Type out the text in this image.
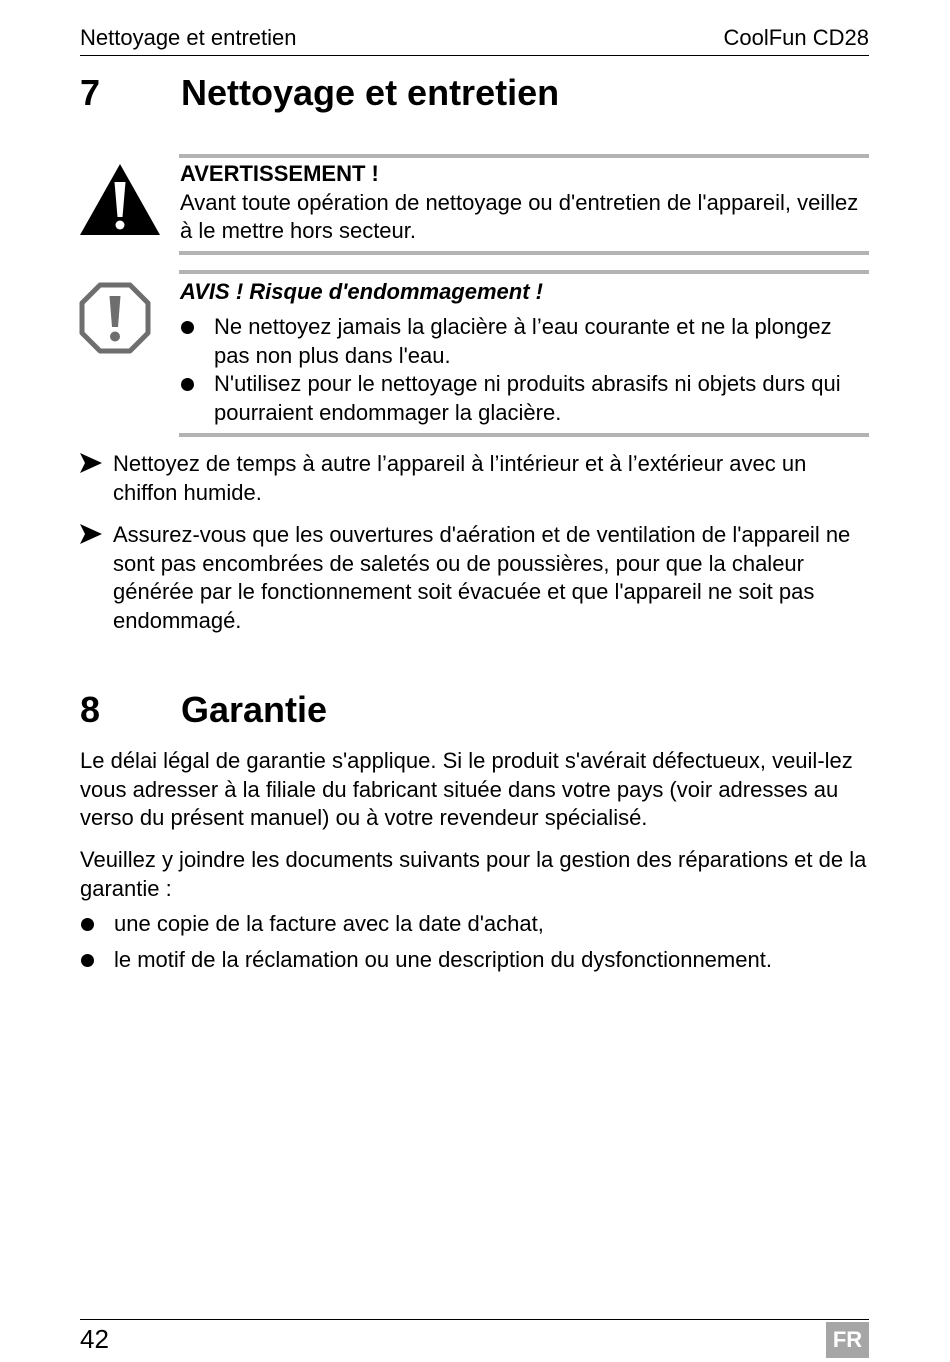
Nettoyage et entretien	CoolFun CD28
7 Nettoyage et entretien
AVERTISSEMENT !
Avant toute opération de nettoyage ou d'entretien de l'appareil, veillez à le mettre hors secteur.
AVIS ! Risque d'endommagement !
Ne nettoyez jamais la glacière à l’eau courante et ne la plongez pas non plus dans l'eau.
N'utilisez pour le nettoyage ni produits abrasifs ni objets durs qui pourraient endommager la glacière.
Nettoyez de temps à autre l’appareil à l’intérieur et à l’extérieur avec un chiffon humide.
Assurez-vous que les ouvertures d'aération et de ventilation de l'appareil ne sont pas encombrées de saletés ou de poussières, pour que la chaleur générée par le fonctionnement soit évacuée et que l'appareil ne soit pas endommagé.
8 Garantie
Le délai légal de garantie s'applique. Si le produit s'avérait défectueux, veuil-lez vous adresser à la filiale du fabricant située dans votre pays (voir adresses au verso du présent manuel) ou à votre revendeur spécialisé.
Veuillez y joindre les documents suivants pour la gestion des réparations et de la garantie :
une copie de la facture avec la date d'achat,
le motif de la réclamation ou une description du dysfonctionnement.
42	FR
